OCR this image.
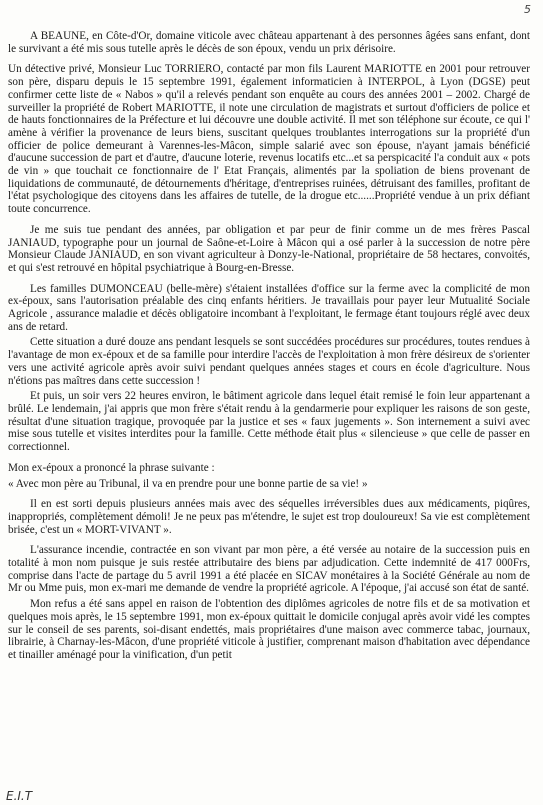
5

A BEAUNE, en Côte-d'Or, domaine viticole avec château appartenant à des personnes âgées sans enfant, dont le survivant a été mis sous tutelle après le décès de son époux, vendu un prix dérisoire.

Un détective privé, Monsieur Luc TORRIERO, contacté par mon fils Laurent MARIOTTE en 2001 pour retrouver son père, disparu depuis le 15 septembre 1991, également informaticien à INTERPOL, à Lyon (DGSE) peut confirmer cette liste de « Nabos » qu'il a relevés pendant son enquête au cours des années 2001 – 2002. Chargé de surveiller la propriété de Robert MARIOTTE, il note une circulation de magistrats et surtout d'officiers de police et de hauts fonctionnaires de la Préfecture et lui découvre une double activité. Il met son téléphone sur écoute, ce qui l' amène à vérifier la provenance de leurs biens, suscitant quelques troublantes interrogations sur la propriété d'un officier de police demeurant à Varennes-les-Mâcon, simple salarié avec son épouse, n'ayant jamais bénéficié d'aucune succession de part et d'autre, d'aucune loterie, revenus locatifs etc...et sa perspicacité l'a conduit aux « pots de vin » que touchait ce fonctionnaire de l' Etat Français, alimentés par la spoliation de biens provenant de liquidations de communauté, de détournements d'héritage, d'entreprises ruinées, détruisant des familles, profitant de l'état psychologique des citoyens dans les affaires de tutelle, de la drogue etc......Propriété vendue à un prix défiant toute concurrence.

Je me suis tue pendant des années, par obligation et par peur de finir comme un de mes frères Pascal JANIAUD, typographe pour un journal de Saône-et-Loire à Mâcon qui a osé parler à la succession de notre père Monsieur Claude JANIAUD, en son vivant agriculteur à Donzy-le-National, propriétaire de 58 hectares, convoités, et qui s'est retrouvé en hôpital psychiatrique à Bourg-en-Bresse.

Les familles DUMONCEAU (belle-mère) s'étaient installées d'office sur la ferme avec la complicité de mon ex-époux, sans l'autorisation préalable des cinq enfants héritiers. Je travaillais pour payer leur Mutualité Sociale Agricole , assurance maladie et décès obligatoire incombant à l'exploitant, le fermage étant toujours réglé avec deux ans de retard.

Cette situation a duré douze ans pendant lesquels se sont succédées procédures sur procédures, toutes rendues à l'avantage de mon ex-époux et de sa famille pour interdire l'accès de l'exploitation à mon frère désireux de s'orienter vers une activité agricole après avoir suivi pendant quelques années stages et cours en école d'agriculture. Nous n'étions pas maîtres dans cette succession !

Et puis, un soir vers 22 heures environ, le bâtiment agricole dans lequel était remisé le foin leur appartenant a brûlé. Le lendemain, j'ai appris que mon frère s'était rendu à la gendarmerie pour expliquer les raisons de son geste, résultat d'une situation tragique, provoquée par la justice et ses « faux jugements ». Son internement a suivi avec mise sous tutelle et visites interdites pour la famille. Cette méthode était plus « silencieuse » que celle de passer en correctionnel.

Mon ex-époux a prononcé la phrase suivante :

« Avec mon père au Tribunal, il va en prendre pour une bonne partie de sa vie! »

Il en est sorti depuis plusieurs années mais avec des séquelles irréversibles dues aux médicaments, piqûres, inappropriés, complètement démoli! Je ne peux pas m'étendre, le sujet est trop douloureux! Sa vie est complètement brisée, c'est un « MORT-VIVANT ».

L'assurance incendie, contractée en son vivant par mon père, a été versée au notaire de la succession puis en totalité à mon nom puisque je suis restée attributaire des biens par adjudication. Cette indemnité de 417 000Frs, comprise dans l'acte de partage du 5 avril 1991 a été placée en SICAV monétaires à la Société Générale au nom de Mr ou Mme puis, mon ex-mari me demande de vendre la propriété agricole. A l'époque, j'ai accusé son état de santé.

Mon refus a été sans appel en raison de l'obtention des diplômes agricoles de notre fils et de sa motivation et quelques mois après, le 15 septembre 1991, mon ex-époux quittait le domicile conjugal après avoir vidé les comptes sur le conseil de ses parents, soi-disant endettés, mais propriétaires d'une maison avec commerce tabac, journaux, librairie, à Charnay-les-Mâcon, d'une propriété viticole à justifier, comprenant maison d'habitation avec dépendance et tinailler aménagé pour la vinification, d'un petit

E.I.T
